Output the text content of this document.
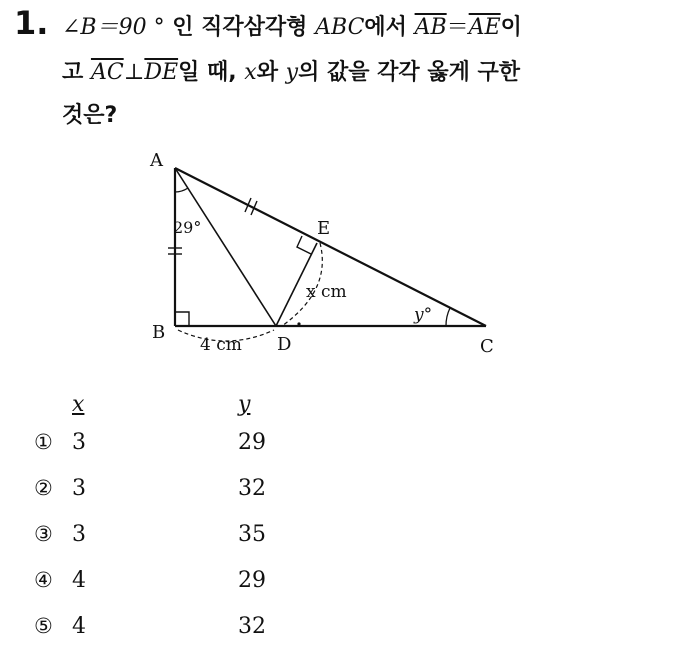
1. ∠B＝90 ° 인 직각삼각형 ABC에서 $\overline{AB}=\overline{AE}$이
고 $\overline{AC}\perp\overline{DE}$일 때, x와 y의 값을 각각 옳게 구한
것은?
A
B
C
D
E
29°
x cm
y°
4 cm
x	y
① 3	29
② 3	32
③ 3	35
④ 4	29
⑤ 4	32
